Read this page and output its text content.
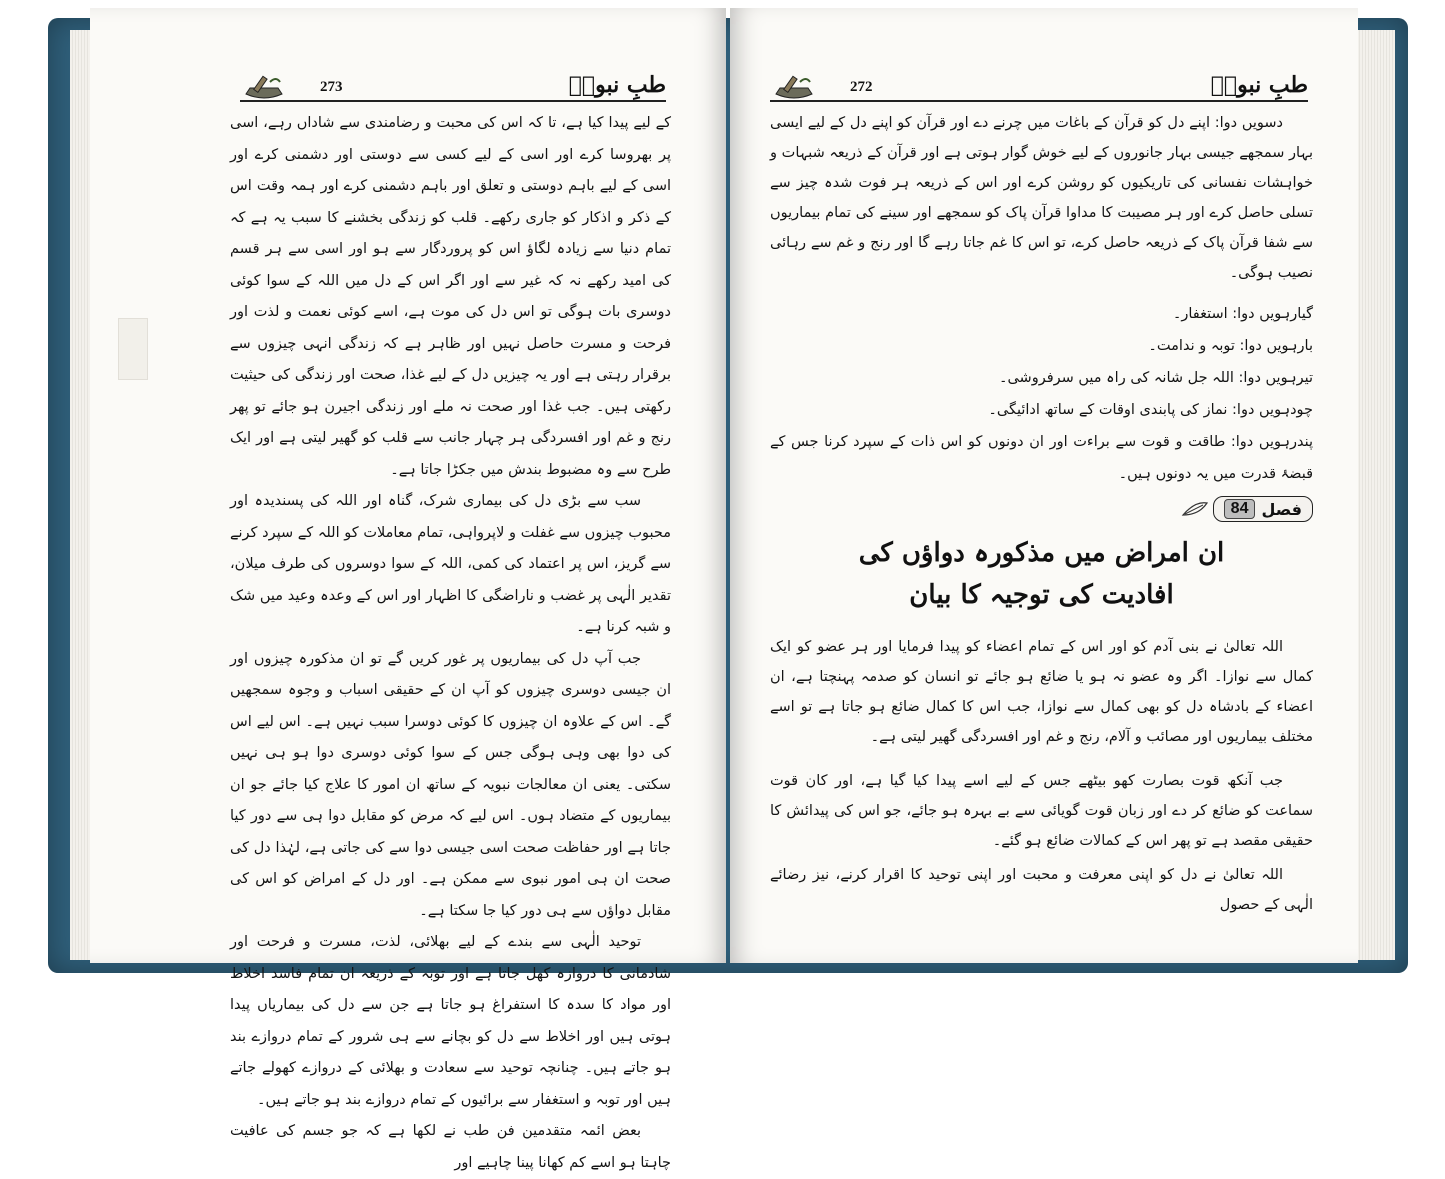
طبِ نبویؐ
273

کے لیے پیدا کیا ہے، تا کہ اس کی محبت و رضامندی سے شاداں رہے، اسی پر بھروسا کرے اور اسی کے لیے کسی سے دوستی اور دشمنی کرے اور اسی کے لیے باہم دوستی و تعلق اور باہم دشمنی کرے اور ہمہ وقت اس کے ذکر و اذکار کو جاری رکھے۔ قلب کو زندگی بخشنے کا سبب یہ ہے کہ تمام دنیا سے زیادہ لگاؤ اس کو پروردگار سے ہو اور اسی سے ہر قسم کی امید رکھے نہ کہ غیر سے اور اگر اس کے دل میں اللہ کے سوا کوئی دوسری بات ہوگی تو اس دل کی موت ہے، اسے کوئی نعمت و لذت اور فرحت و مسرت حاصل نہیں اور ظاہر ہے کہ زندگی انہی چیزوں سے برقرار رہتی ہے اور یہ چیزیں دل کے لیے غذا، صحت اور زندگی کی حیثیت رکھتی ہیں۔ جب غذا اور صحت نہ ملے اور زندگی اجیرن ہو جائے تو پھر رنج و غم اور افسردگی ہر چہار جانب سے قلب کو گھیر لیتی ہے اور ایک طرح سے وہ مضبوط بندش میں جکڑا جاتا ہے۔

سب سے بڑی دل کی بیماری شرک، گناہ اور اللہ کی پسندیدہ اور محبوب چیزوں سے غفلت و لاپرواہی، تمام معاملات کو اللہ کے سپرد کرنے سے گریز، اس پر اعتماد کی کمی، اللہ کے سوا دوسروں کی طرف میلان، تقدیر الٰہی پر غضب و ناراضگی کا اظہار اور اس کے وعدہ وعید میں شک و شبہ کرنا ہے۔

جب آپ دل کی بیماریوں پر غور کریں گے تو ان مذکورہ چیزوں اور ان جیسی دوسری چیزوں کو آپ ان کے حقیقی اسباب و وجوہ سمجھیں گے۔ اس کے علاوہ ان چیزوں کا کوئی دوسرا سبب نہیں ہے۔ اس لیے اس کی دوا بھی وہی ہوگی جس کے سوا کوئی دوسری دوا ہو ہی نہیں سکتی۔ یعنی ان معالجات نبویہ کے ساتھ ان امور کا علاج کیا جائے جو ان بیماریوں کے متضاد ہوں۔ اس لیے کہ مرض کو مقابل دوا ہی سے دور کیا جاتا ہے اور حفاظت صحت اسی جیسی دوا سے کی جاتی ہے، لہٰذا دل کی صحت ان ہی امور نبوی سے ممکن ہے۔ اور دل کے امراض کو اس کی مقابل دواؤں سے ہی دور کیا جا سکتا ہے۔

توحید الٰہی سے بندے کے لیے بھلائی، لذت، مسرت و فرحت اور شادمانی کا دروازہ کھل جاتا ہے اور توبہ کے ذریعہ ان تمام فاسد اخلاط اور مواد کا سدہ کا استفراغ ہو جاتا ہے جن سے دل کی بیماریاں پیدا ہوتی ہیں اور اخلاط سے دل کو بچانے سے ہی شرور کے تمام دروازے بند ہو جاتے ہیں۔ چنانچہ توحید سے سعادت و بھلائی کے دروازے کھولے جاتے ہیں اور توبہ و استغفار سے برائیوں کے تمام دروازے بند ہو جاتے ہیں۔

بعض ائمہ متقدمین فن طب نے لکھا ہے کہ جو جسم کی عافیت چاہتا ہو اسے کم کھانا پینا چاہیے اور

طبِ نبویؐ
272

دسویں دوا: اپنے دل کو قرآن کے باغات میں چرنے دے اور قرآن کو اپنے دل کے لیے ایسی بہار سمجھے جیسی بہار جانوروں کے لیے خوش گوار ہوتی ہے اور قرآن کے ذریعہ شبہات و خواہشات نفسانی کی تاریکیوں کو روشن کرے اور اس کے ذریعہ ہر فوت شدہ چیز سے تسلی حاصل کرے اور ہر مصیبت کا مداوا قرآن پاک کو سمجھے اور سینے کی تمام بیماریوں سے شفا قرآن پاک کے ذریعہ حاصل کرے، تو اس کا غم جاتا رہے گا اور رنج و غم سے رہائی نصیب ہوگی۔

گیارہویں دوا: استغفار۔
بارہویں دوا: توبہ و ندامت۔
تیرہویں دوا: اللہ جل شانہ کی راہ میں سرفروشی۔
چودہویں دوا: نماز کی پابندی اوقات کے ساتھ ادائیگی۔
پندرہویں دوا: طاقت و قوت سے براءت اور ان دونوں کو اس ذات کے سپرد کرنا جس کے قبضۂ قدرت میں یہ دونوں ہیں۔
فصل
84
ان امراض میں مذکورہ دواؤں کی
افادیت کی توجیہ کا بیان

اللہ تعالیٰ نے بنی آدم کو اور اس کے تمام اعضاء کو پیدا فرمایا اور ہر عضو کو ایک کمال سے نوازا۔ اگر وہ عضو نہ ہو یا ضائع ہو جائے تو انسان کو صدمہ پہنچتا ہے، ان اعضاء کے بادشاہ دل کو بھی کمال سے نوازا، جب اس کا کمال ضائع ہو جاتا ہے تو اسے مختلف بیماریوں اور مصائب و آلام، رنج و غم اور افسردگی گھیر لیتی ہے۔

جب آنکھ قوت بصارت کھو بیٹھے جس کے لیے اسے پیدا کیا گیا ہے، اور کان قوت سماعت کو ضائع کر دے اور زبان قوت گویائی سے بے بہرہ ہو جائے، جو اس کی پیدائش کا حقیقی مقصد ہے تو پھر اس کے کمالات ضائع ہو گئے۔

اللہ تعالیٰ نے دل کو اپنی معرفت و محبت اور اپنی توحید کا اقرار کرنے، نیز رضائے الٰہی کے حصول
